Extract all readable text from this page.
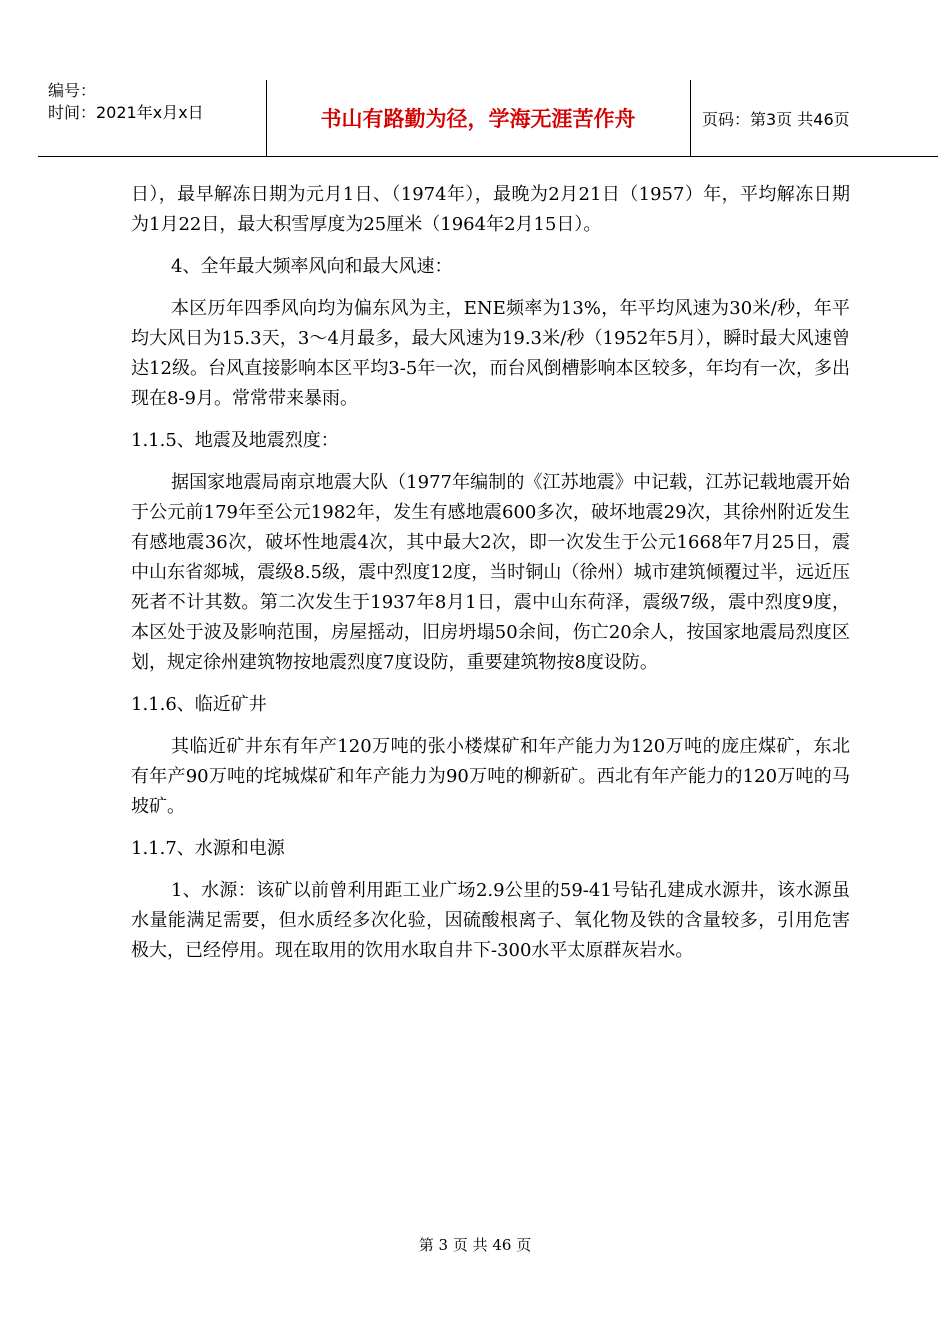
编号：
时间：2021年x月x日	书山有路勤为径，学海无涯苦作舟	页码：第3页 共46页

日），最早解冻日期为元月1日、（1974年），最晚为2月21日（1957）年，平均解冻日期为1月22日，最大积雪厚度为25厘米（1964年2月15日）。

4、全年最大频率风向和最大风速：

本区历年四季风向均为偏东风为主，ENE频率为13%，年平均风速为30米/秒，年平均大风日为15.3天，3～4月最多，最大风速为19.3米/秒（1952年5月），瞬时最大风速曾达12级。台风直接影响本区平均3-5年一次，而台风倒槽影响本区较多，年均有一次，多出现在8-9月。常常带来暴雨。

1.1.5、地震及地震烈度：

据国家地震局南京地震大队（1977年编制的《江苏地震》中记载，江苏记载地震开始于公元前179年至公元1982年，发生有感地震600多次，破坏地震29次，其徐州附近发生有感地震36次，破坏性地震4次，其中最大2次，即一次发生于公元1668年7月25日，震中山东省郯城，震级8.5级，震中烈度12度，当时铜山（徐州）城市建筑倾覆过半，远近压死者不计其数。第二次发生于1937年8月1日，震中山东荷泽，震级7级，震中烈度9度，本区处于波及影响范围，房屋摇动，旧房坍塌50余间，伤亡20余人，按国家地震局烈度区划，规定徐州建筑物按地震烈度7度设防，重要建筑物按8度设防。

1.1.6、临近矿井

其临近矿井东有年产120万吨的张小楼煤矿和年产能力为120万吨的庞庄煤矿，东北有年产90万吨的垞城煤矿和年产能力为90万吨的柳新矿。西北有年产能力的120万吨的马坡矿。

1.1.7、水源和电源

1、水源：该矿以前曾利用距工业广场2.9公里的59-41号钻孔建成水源井，该水源虽水量能满足需要，但水质经多次化验，因硫酸根离子、氧化物及铁的含量较多，引用危害极大，已经停用。现在取用的饮用水取自井下-300水平太原群灰岩水。

第 3 页 共 46 页
